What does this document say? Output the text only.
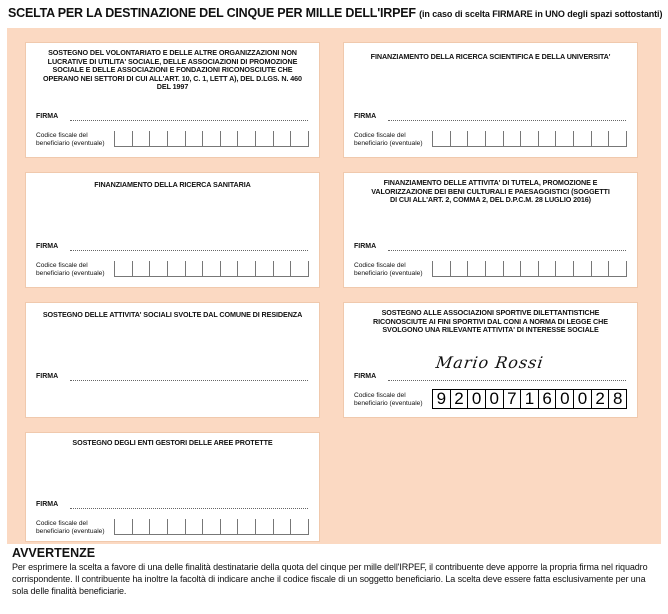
SCELTA PER LA DESTINAZIONE DEL CINQUE PER MILLE DELL'IRPEF (in caso di scelta FIRMARE in UNO degli spazi sottostanti)
SOSTEGNO DEL VOLONTARIATO E DELLE ALTRE ORGANIZZAZIONI NON LUCRATIVE DI UTILITA' SOCIALE, DELLE ASSOCIAZIONI DI PROMOZIONE SOCIALE E DELLE ASSOCIAZIONI E FONDAZIONI RICONOSCIUTE CHE OPERANO NEI SETTORI DI CUI ALL'ART. 10, C. 1, LETT A), DEL D.LGS. N. 460 DEL 1997
FIRMA
Codice fiscale del beneficiario (eventuale)
FINANZIAMENTO DELLA RICERCA SCIENTIFICA E DELLA UNIVERSITA'
FIRMA
Codice fiscale del beneficiario (eventuale)
FINANZIAMENTO DELLA RICERCA SANITARIA
FIRMA
Codice fiscale del beneficiario (eventuale)
FINANZIAMENTO DELLE ATTIVITA' DI TUTELA, PROMOZIONE E VALORIZZAZIONE DEI BENI CULTURALI E PAESAGGISTICI (SOGGETTI DI CUI ALL'ART. 2, COMMA 2, DEL D.P.C.M. 28 LUGLIO 2016)
FIRMA
Codice fiscale del beneficiario (eventuale)
SOSTEGNO DELLE ATTIVITA' SOCIALI SVOLTE DAL COMUNE DI RESIDENZA
FIRMA
SOSTEGNO ALLE ASSOCIAZIONI SPORTIVE DILETTANTISTICHE RICONOSCIUTE AI FINI SPORTIVI DAL CONI A NORMA DI LEGGE CHE SVOLGONO UNA RILEVANTE ATTIVITA' DI INTERESSE SOCIALE
Mario Rossi
FIRMA
Codice fiscale del beneficiario (eventuale) 9 2 0 0 7 1 6 0 0 2 8
SOSTEGNO DEGLI ENTI GESTORI DELLE AREE PROTETTE
FIRMA
Codice fiscale del beneficiario (eventuale)
AVVERTENZE
Per esprimere la scelta a favore di una delle finalità destinatarie della quota del cinque per mille dell'IRPEF, il contribuente deve apporre la propria firma nel riquadro corrispondente. Il contribuente ha inoltre la facoltà di indicare anche il codice fiscale di un soggetto beneficiario. La scelta deve essere fatta esclusivamente per una sola delle finalità beneficiarie.
